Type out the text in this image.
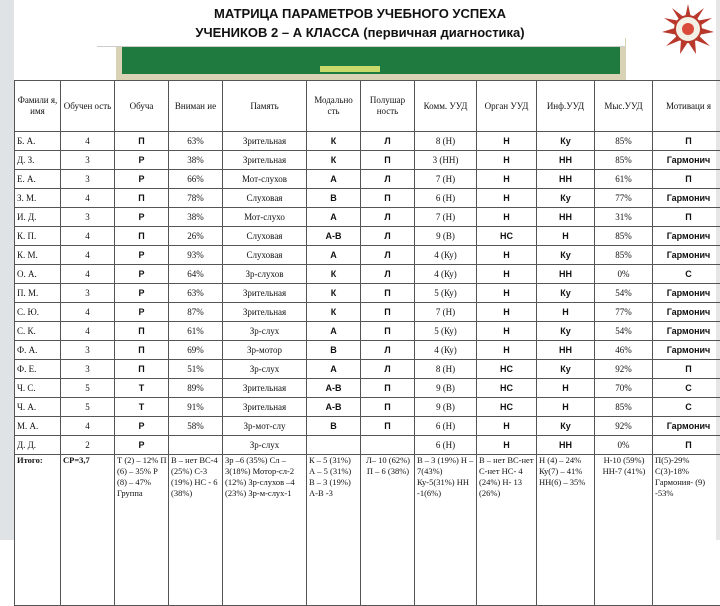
МАТРИЦА ПАРАМЕТРОВ УЧЕБНОГО УСПЕХА
УЧЕНИКОВ 2 – А КЛАССА (первичная диагностика)
Фамили я, имя	Обучен ость	Обуча	Вниман ие	Память	Модально сть	Полушар ность	Комм. УУД	Орган УУД	Инф.УУД	Мыс.УУД	Мотиваци я
Б. А.	4	П	63%	Зрительная	К	Л	8 (Н)	Н	Ку	85%	П
Д. З.	3	Р	38%	Зрительная	К	П	3 (НН)	Н	НН	85%	Гармонич
Е. А.	3	Р	66%	Мот-слухов	А	Л	7 (Н)	Н	НН	61%	П
З. М.	4	П	78%	Слуховая	В	П	6 (Н)	Н	Ку	77%	Гармонич
И. Д.	3	Р	38%	Мот-слухо	А	Л	7 (Н)	Н	НН	31%	П
К. П.	4	П	26%	Слуховая	А-В	Л	9 (В)	НС	Н	85%	Гармонич
К. М.	4	Р	93%	Слуховая	А	Л	4 (Ку)	Н	Ку	85%	Гармонич
О. А.	4	Р	64%	Зр-слухов	К	Л	4 (Ку)	Н	НН	0%	С
П. М.	3	Р	63%	Зрительная	К	П	5 (Ку)	Н	Ку	54%	Гармонич
С. Ю.	4	Р	87%	Зрительная	К	П	7 (Н)	Н	Н	77%	Гармонич
С. К.	4	П	61%	Зр-слух	А	П	5 (Ку)	Н	Ку	54%	Гармонич
Ф. А.	3	П	69%	Зр-мотор	В	Л	4 (Ку)	Н	НН	46%	Гармонич
Ф. Е.	3	П	51%	Зр-слух	А	Л	8 (Н)	НС	Ку	92%	П
Ч. С.	5	Т	89%	Зрительная	А-В	П	9 (В)	НС	Н	70%	С
Ч. А.	5	Т	91%	Зрительная	А-В	П	9 (В)	НС	Н	85%	С
М. А.	4	Р	58%	Зр-мот-слу	В	П	6 (Н)	Н	Ку	92%	Гармонич
Д. Д.	2	Р		Зр-слух			6 (Н)	Н	НН	0%	П
Итого:	СР=3,7	Т (2) – 12% П (6) – 35% Р (8) – 47% Группа	В – нет ВС-4 (25%) С-3 (19%) НС - 6 (38%)	Зр –6 (35%) Сл –3(18%) Мотор-сл-2 (12%) Зр-слухов –4 (23%) Зр-м-слух-1	К – 5 (31%) А – 5 (31%) В – 3 (19%) А-В -3	Л– 10 (62%) П – 6 (38%)	В – 3 (19%) Н – 7(43%) Ку-5(31%) НН -1(6%)	В – нет ВС-нет С-нет НС- 4 (24%) Н- 13 (26%)	Н (4) – 24% Ку(7) – 41% НН(6) – 35%	Н-10 (59%) НН-7 (41%)	П(5)-29% С(3)-18% Гармония- (9) -53%
